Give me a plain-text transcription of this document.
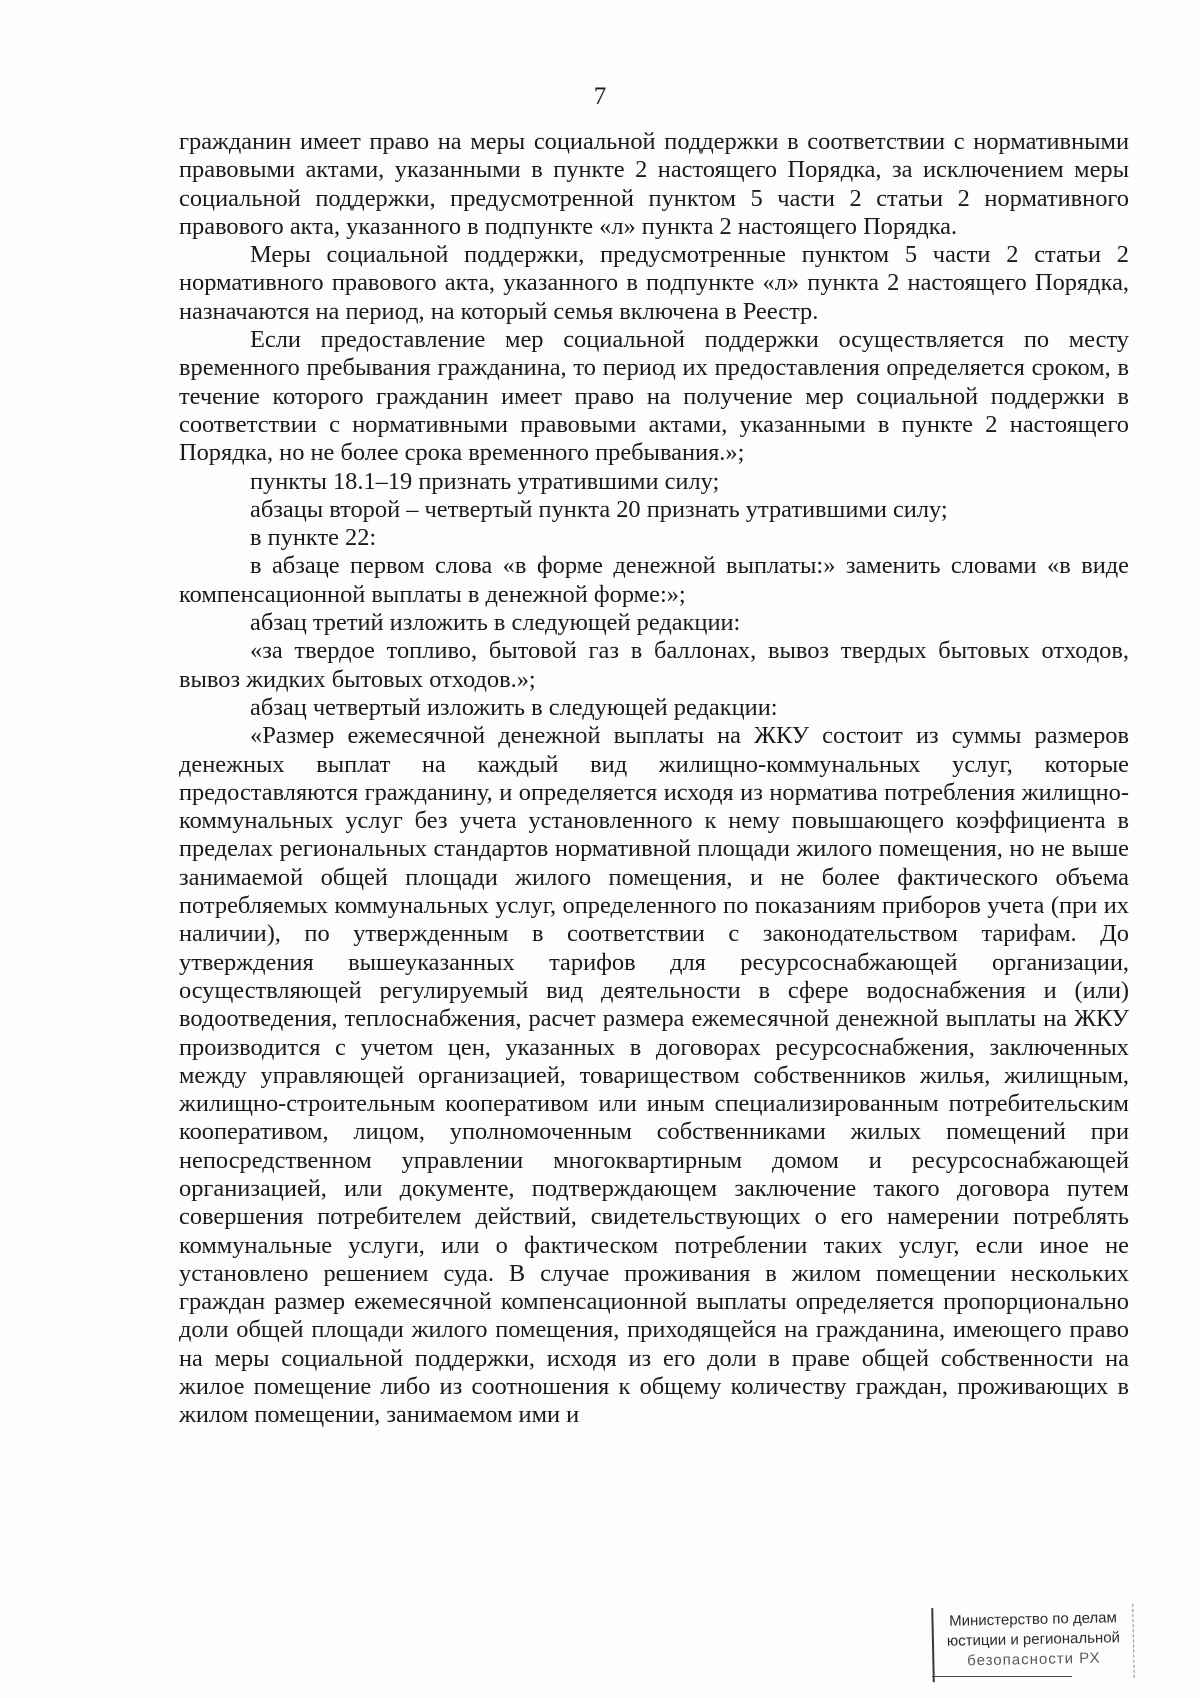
7

гражданин имеет право на меры социальной поддержки в соответствии с нормативными правовыми актами, указанными в пункте 2 настоящего Порядка, за исключением меры социальной поддержки, предусмотренной пунктом 5 части 2 статьи 2 нормативного правового акта, указанного в подпункте «л» пункта 2 настоящего Порядка.

Меры социальной поддержки, предусмотренные пунктом 5 части 2 статьи 2 нормативного правового акта, указанного в подпункте «л» пункта 2 настоящего Порядка, назначаются на период, на который семья включена в Реестр.

Если предоставление мер социальной поддержки осуществляется по месту временного пребывания гражданина, то период их предоставления определяется сроком, в течение которого гражданин имеет право на получение мер социальной поддержки в соответствии с нормативными правовыми актами, указанными в пункте 2 настоящего Порядка, но не более срока временного пребывания.»;

пункты 18.1–19 признать утратившими силу;

абзацы второй – четвертый пункта 20 признать утратившими силу;

в пункте 22:

в абзаце первом слова «в форме денежной выплаты:» заменить словами «в виде компенсационной выплаты в денежной форме:»;

абзац третий изложить в следующей редакции:

«за твердое топливо, бытовой газ в баллонах, вывоз твердых бытовых отходов, вывоз жидких бытовых отходов.»;

абзац четвертый изложить в следующей редакции:

«Размер ежемесячной денежной выплаты на ЖКУ состоит из суммы размеров денежных выплат на каждый вид жилищно-коммунальных услуг, которые предоставляются гражданину, и определяется исходя из норматива потребления жилищно-коммунальных услуг без учета установленного к нему повышающего коэффициента в пределах региональных стандартов нормативной площади жилого помещения, но не выше занимаемой общей площади жилого помещения, и не более фактического объема потребляемых коммунальных услуг, определенного по показаниям приборов учета (при их наличии), по утвержденным в соответствии с законодательством тарифам. До утверждения вышеуказанных тарифов для ресурсоснабжающей организации, осуществляющей регулируемый вид деятельности в сфере водоснабжения и (или) водоотведения, теплоснабжения, расчет размера ежемесячной денежной выплаты на ЖКУ производится с учетом цен, указанных в договорах ресурсоснабжения, заключенных между управляющей организацией, товариществом собственников жилья, жилищным, жилищно-строительным кооперативом или иным специализированным потребительским кооперативом, лицом, уполномоченным собственниками жилых помещений при непосредственном управлении многоквартирным домом и ресурсоснабжающей организацией, или документе, подтверждающем заключение такого договора путем совершения потребителем действий, свидетельствующих о его намерении потреблять коммунальные услуги, или о фактическом потреблении таких услуг, если иное не установлено решением суда. В случае проживания в жилом помещении нескольких граждан размер ежемесячной компенсационной выплаты определяется пропорционально доли общей площади жилого помещения, приходящейся на гражданина, имеющего право на меры социальной поддержки, исходя из его доли в праве общей собственности на жилое помещение либо из соотношения к общему количеству граждан, проживающих в жилом помещении, занимаемом ими и

Министерство по делам
юстиции и региональной
безопасности РХ
